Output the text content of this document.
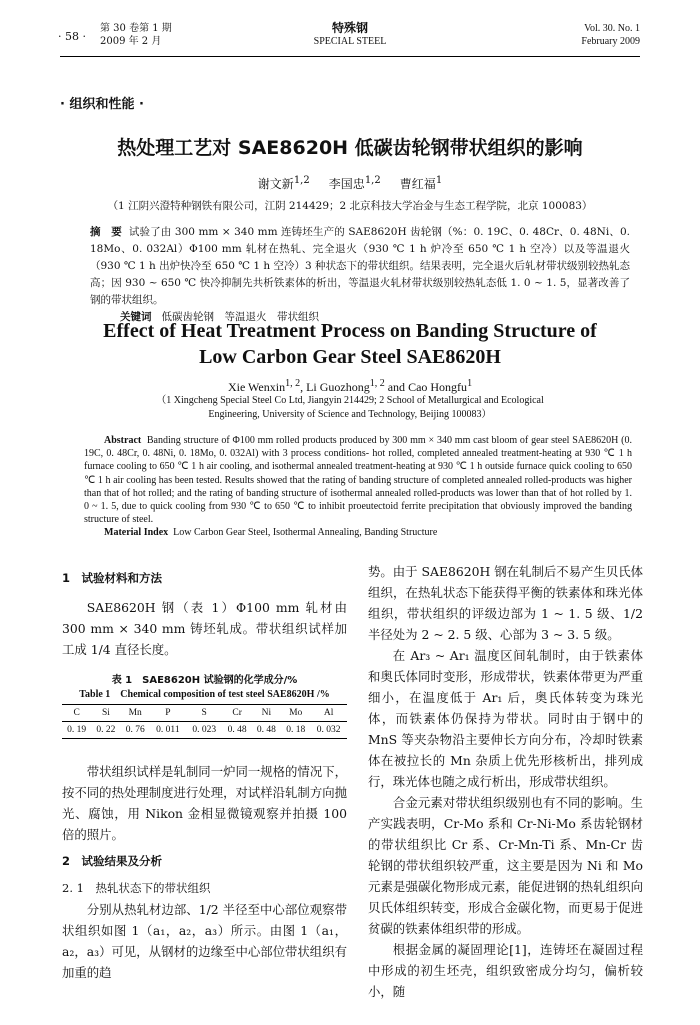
· 58 ·
第 30 卷第 1 期
2009 年 2 月
特殊钢
SPECIAL STEEL
Vol. 30. No. 1
February 2009
· 组织和性能 ·
热处理工艺对 SAE8620H 低碳齿轮钢带状组织的影响
谢文新$^{1,2}$ 李国忠$^{1,2}$ 曹红福$^1$
（1 江阴兴澄特种钢铁有限公司，江阴 214429；2 北京科技大学冶金与生态工程学院，北京 100083）
摘　要 试验了由 300 mm × 340 mm 连铸坯生产的 SAE8620H 齿轮钢（%：0. 19C、0. 48Cr、0. 48Ni、0. 18Mo、0. 032Al）Φ100 mm 轧材在热轧、完全退火（930 ℃ 1 h 炉冷至 650 ℃ 1 h 空冷）以及等温退火（930 ℃ 1 h 出炉快冷至 650 ℃ 1 h 空冷）3 种状态下的带状组织。结果表明，完全退火后轧材带状级别较热轧态高；因 930 ~ 650 ℃ 快冷抑制先共析铁素体的析出，等温退火轧材带状级别较热轧态低 1. 0 ~ 1. 5，显著改善了钢的带状组织。
关键词 低碳齿轮钢　等温退火　带状组织
Effect of Heat Treatment Process on Banding Structure of
Low Carbon Gear Steel SAE8620H
Xie Wenxin$^{1, 2}$, Li Guozhong$^{1, 2}$ and Cao Hongfu$^1$
（1 Xingcheng Special Steel Co Ltd, Jiangyin 214429; 2 School of Metallurgical and Ecological Engineering, University of Science and Technology, Beijing 100083）
Abstract Banding structure of Φ100 mm rolled products produced by 300 mm × 340 mm cast bloom of gear steel SAE8620H (0. 19C, 0. 48Cr, 0. 48Ni, 0. 18Mo, 0. 032Al) with 3 process conditions- hot rolled, completed annealed treatment-heating at 930 ℃ 1 h furnace cooling to 650 ℃ 1 h air cooling, and isothermal annealed treatment-heating at 930 ℃ 1 h outside furnace quick cooling to 650 ℃ 1 h air cooling has been tested. Results showed that the rating of banding structure of completed annealed rolled-products was higher than that of hot rolled; and the rating of banding structure of isothermal annealed rolled-products was lower than that of hot rolled by 1. 0 ~ 1. 5, due to quick cooling from 930 ℃ to 650 ℃ to inhibit proeutectoid ferrite precipitation that obviously improved the banding structure of steel.
Material Index Low Carbon Gear Steel, Isothermal Annealing, Banding Structure
1　试验材料和方法

SAE8620H 钢（表 1）Φ100 mm 轧材由 300 mm × 340 mm 铸坯轧成。带状组织试样加工成 1/4 直径长度。

表 1　SAE8620H 试验钢的化学成分/%
Table 1　Chemical composition of test steel SAE8620H /%
C	Si	Mn	P	S	Cr	Ni	Mo	Al
0. 19	0. 22	0. 76	0. 011	0. 023	0. 48	0. 48	0. 18	0. 032

带状组织试样是轧制同一炉同一规格的情况下，按不同的热处理制度进行处理，对试样沿轧制方向抛光、腐蚀，用 Nikon 金相显微镜观察并拍摄 100 倍的照片。

2　试验结果及分析
2. 1　热轧状态下的带状组织

分别从热轧材边部、1/2 半径至中心部位观察带状组织如图 1（a₁，a₂，a₃）所示。由图 1（a₁，a₂，a₃）可见，从钢材的边缘至中心部位带状组织有加重的趋

势。由于 SAE8620H 钢在轧制后不易产生贝氏体组织，在热轧状态下能获得平衡的铁素体和珠光体组织，带状组织的评级边部为 1 ~ 1. 5 级、1/2 半径处为 2 ~ 2. 5 级、心部为 3 ~ 3. 5 级。

在 Ar₃ ~ Ar₁ 温度区间轧制时，由于铁素体和奥氏体同时变形，形成带状，铁素体带更为严重细小，在温度低于 Ar₁ 后，奥氏体转变为珠光体，而铁素体仍保持为带状。同时由于钢中的 MnS 等夹杂物沿主要伸长方向分布，冷却时铁素体在被拉长的 Mn 杂质上优先形核析出，排列成行，珠光体也随之成行析出，形成带状组织。

合金元素对带状组织级别也有不同的影响。生产实践表明，Cr-Mo 系和 Cr-Ni-Mo 系齿轮钢材的带状组织比 Cr 系、Cr-Mn-Ti 系、Mn-Cr 齿轮钢的带状组织较严重，这主要是因为 Ni 和 Mo 元素是强碳化物形成元素，能促进钢的热轧组织向贝氏体组织转变，形成合金碳化物，而更易于促进贫碳的铁素体组织带的形成。

根据金属的凝固理论[1]，连铸坯在凝固过程中形成的初生坯壳，组织致密成分均匀，偏析较小，随
